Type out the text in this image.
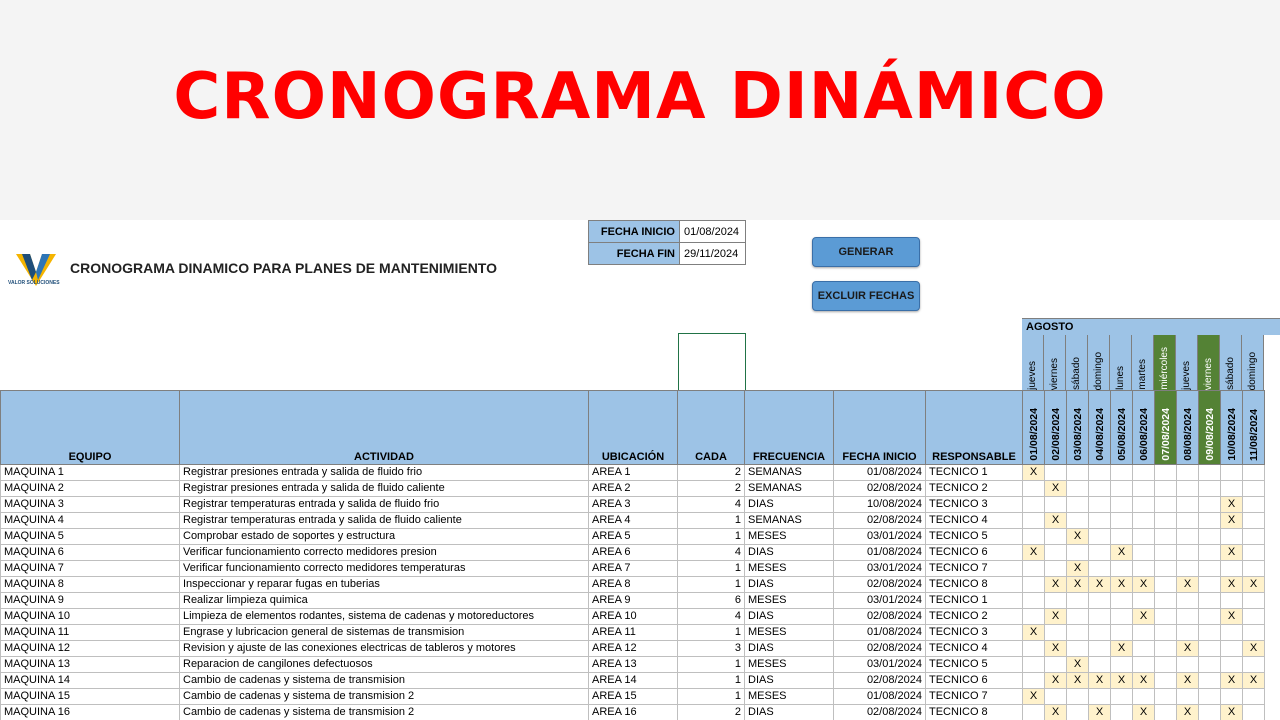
CRONOGRAMA DINÁMICO
VALOR SOLUCIONES
CRONOGRAMA DINAMICO PARA PLANES DE MANTENIMIENTO
FECHA INICIO	01/08/2024
FECHA FIN	29/11/2024	GENERAR
EXCLUIR FECHAS
AGOSTO
jueves viernes sábado domingo lunes martes miércoles jueves viernes sábado domingo
EQUIPO	ACTIVIDAD	UBICACIÓN	CADA	FRECUENCIA	FECHA INICIO	RESPONSABLE	01/08/2024	02/08/2024	03/08/2024	04/08/2024	05/08/2024	06/08/2024	07/08/2024	08/08/2024	09/08/2024	10/08/2024	11/08/2024
MAQUINA 1	Registrar presiones entrada y salida de fluido frio	AREA 1	2	SEMANAS	01/08/2024	TECNICO 1	X										
MAQUINA 2	Registrar presiones entrada y salida de fluido caliente	AREA 2	2	SEMANAS	02/08/2024	TECNICO 2		X									
MAQUINA 3	Registrar temperaturas entrada y salida de fluido frio	AREA 3	4	DIAS	10/08/2024	TECNICO 3										X	
MAQUINA 4	Registrar temperaturas entrada y salida de fluido caliente	AREA 4	1	SEMANAS	02/08/2024	TECNICO 4		X								X	
MAQUINA 5	Comprobar estado de soportes y estructura	AREA 5	1	MESES	03/01/2024	TECNICO 5			X								
MAQUINA 6	Verificar funcionamiento correcto medidores presion	AREA 6	4	DIAS	01/08/2024	TECNICO 6	X				X					X	
MAQUINA 7	Verificar funcionamiento correcto medidores temperaturas	AREA 7	1	MESES	03/01/2024	TECNICO 7			X								
MAQUINA 8	Inspeccionar y reparar fugas en tuberias	AREA 8	1	DIAS	02/08/2024	TECNICO 8		X	X	X	X	X		X		X	X
MAQUINA 9	Realizar limpieza quimica	AREA 9	6	MESES	03/01/2024	TECNICO 1											
MAQUINA 10	Limpieza de elementos rodantes, sistema de cadenas y motoreductores	AREA 10	4	DIAS	02/08/2024	TECNICO 2		X				X				X	
MAQUINA 11	Engrase y lubricacion general de sistemas de transmision	AREA 11	1	MESES	01/08/2024	TECNICO 3	X										
MAQUINA 12	Revision y ajuste de las conexiones electricas de tableros y motores	AREA 12	3	DIAS	02/08/2024	TECNICO 4		X			X			X			X
MAQUINA 13	Reparacion de cangilones defectuosos	AREA 13	1	MESES	03/01/2024	TECNICO 5			X								
MAQUINA 14	Cambio de cadenas y sistema de transmision	AREA 14	1	DIAS	02/08/2024	TECNICO 6		X	X	X	X	X		X		X	X
MAQUINA 15	Cambio de cadenas y sistema de transmision 2	AREA 15	1	MESES	01/08/2024	TECNICO 7	X										
MAQUINA 16	Cambio de cadenas y sistema de transmision 2	AREA 16	2	DIAS	02/08/2024	TECNICO 8		X		X		X		X		X	
